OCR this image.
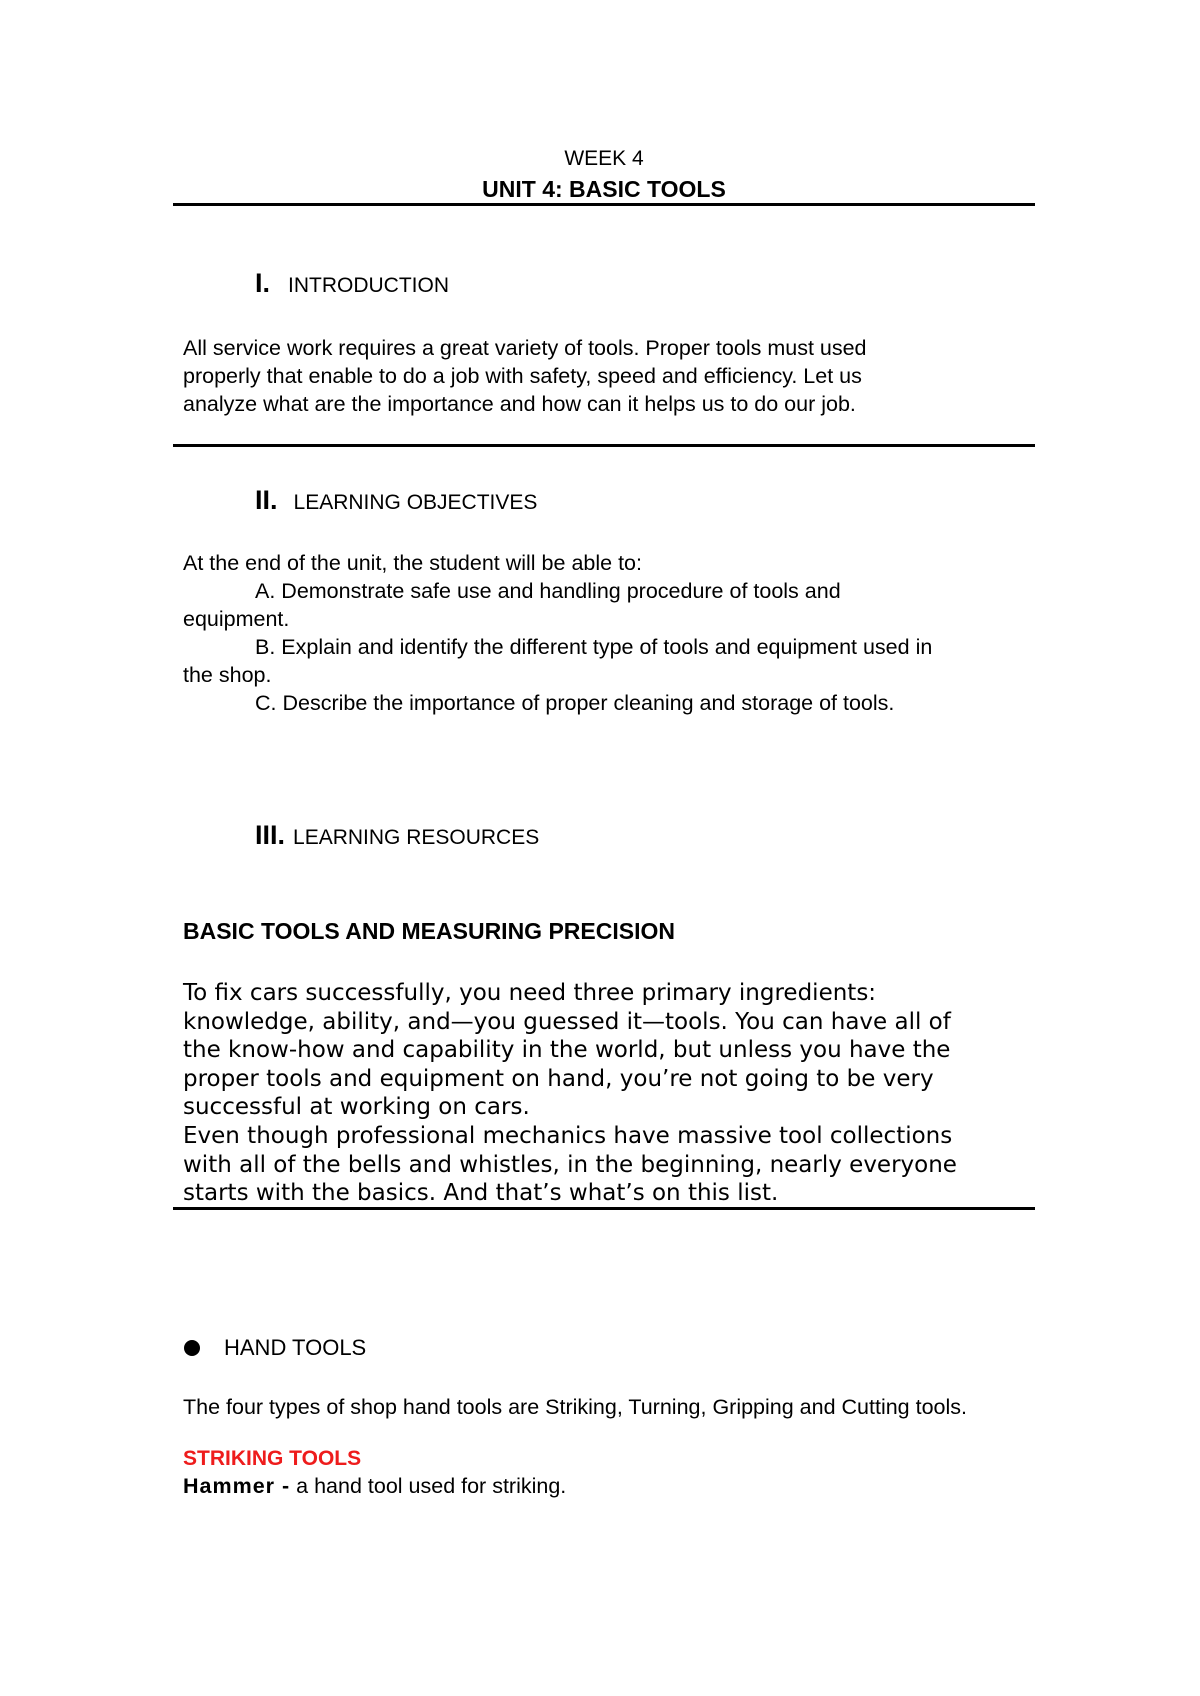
WEEK 4
UNIT 4: BASIC TOOLS
I. INTRODUCTION
All service work requires a great variety of tools. Proper tools must used
properly that enable to do a job with safety, speed and efficiency. Let us
analyze what are the importance and how can it helps us to do our job.
II. LEARNING OBJECTIVES
At the end of the unit, the student will be able to:
A. Demonstrate safe use and handling procedure of tools and
equipment.
B. Explain and identify the different type of tools and equipment used in
the shop.
C. Describe the importance of proper cleaning and storage of tools.
III. LEARNING RESOURCES
BASIC TOOLS AND MEASURING PRECISION
To fix cars successfully, you need three primary ingredients:
knowledge, ability, and—you guessed it—tools. You can have all of
the know-how and capability in the world, but unless you have the
proper tools and equipment on hand, you’re not going to be very
successful at working on cars.
Even though professional mechanics have massive tool collections
with all of the bells and whistles, in the beginning, nearly everyone
starts with the basics. And that’s what’s on this list.
HAND TOOLS
The four types of shop hand tools are Striking, Turning, Gripping and Cutting tools.
STRIKING TOOLS
Hammer - a hand tool used for striking.
